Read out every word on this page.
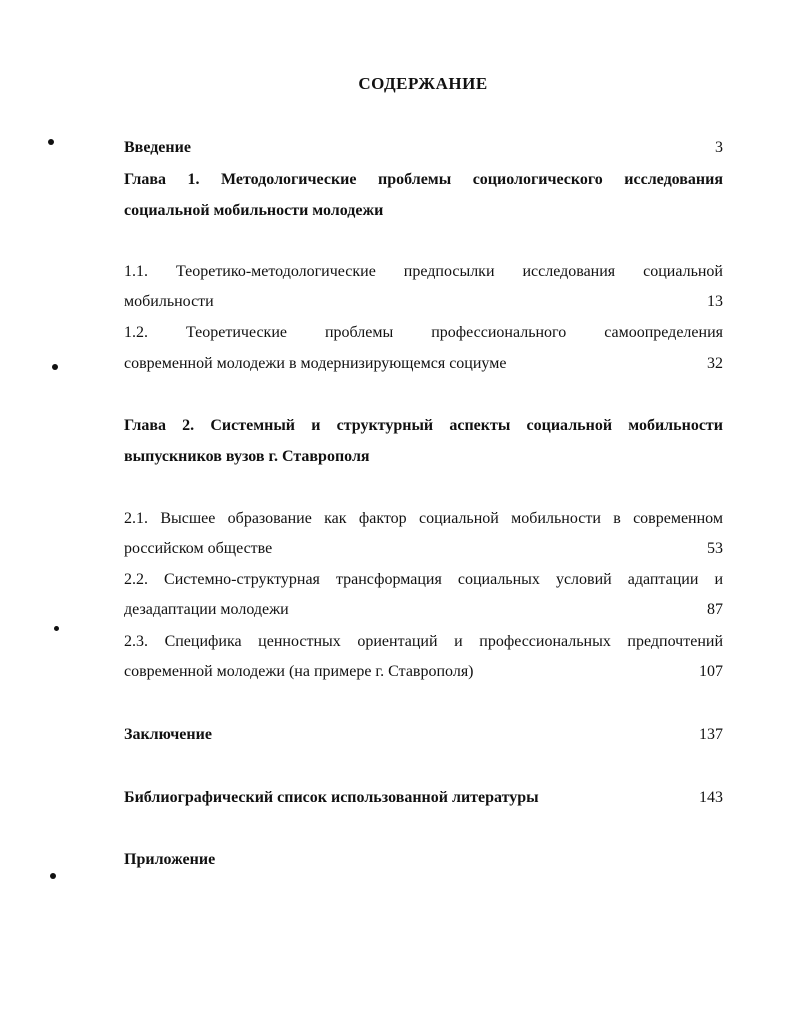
СОДЕРЖАНИЕ
Введение	3
Глава 1. Методологические проблемы социологического исследования
социальной мобильности молодежи
1.1. Теоретико-методологические предпосылки исследования социальной
мобильности	13
1.2. Теоретические проблемы профессионального самоопределения
современной молодежи в модернизирующемся социуме	32
Глава 2. Системный и структурный аспекты социальной мобильности
выпускников вузов г. Ставрополя
2.1. Высшее образование как фактор социальной мобильности в современном
российском обществе	53
2.2. Системно-структурная трансформация социальных условий адаптации и
дезадаптации молодежи	87
2.3. Специфика ценностных ориентаций и профессиональных предпочтений
современной молодежи (на примере г. Ставрополя)	107
Заключение	137
Библиографический список использованной литературы	143
Приложение
